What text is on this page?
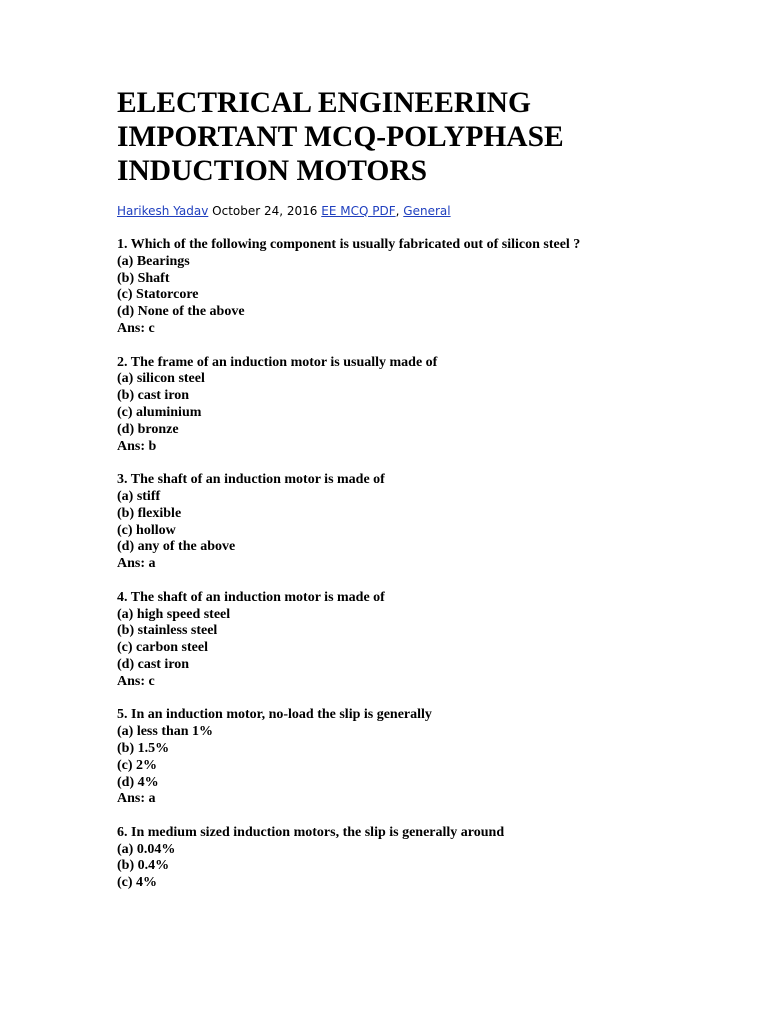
ELECTRICAL ENGINEERING
IMPORTANT MCQ-POLYPHASE
INDUCTION MOTORS
Harikesh Yadav October 24, 2016 EE MCQ PDF, General
1. Which of the following component is usually fabricated out of silicon steel ?
(a) Bearings
(b) Shaft
(c) Statorcore
(d) None of the above
Ans: c
2. The frame of an induction motor is usually made of
(a) silicon steel
(b) cast iron
(c) aluminium
(d) bronze
Ans: b
3. The shaft of an induction motor is made of
(a) stiff
(b) flexible
(c) hollow
(d) any of the above
Ans: a
4. The shaft of an induction motor is made of
(a) high speed steel
(b) stainless steel
(c) carbon steel
(d) cast iron
Ans: c
5. In an induction motor, no-load the slip is generally
(a) less than 1%
(b) 1.5%
(c) 2%
(d) 4%
Ans: a
6. In medium sized induction motors, the slip is generally around
(a) 0.04%
(b) 0.4%
(c) 4%
